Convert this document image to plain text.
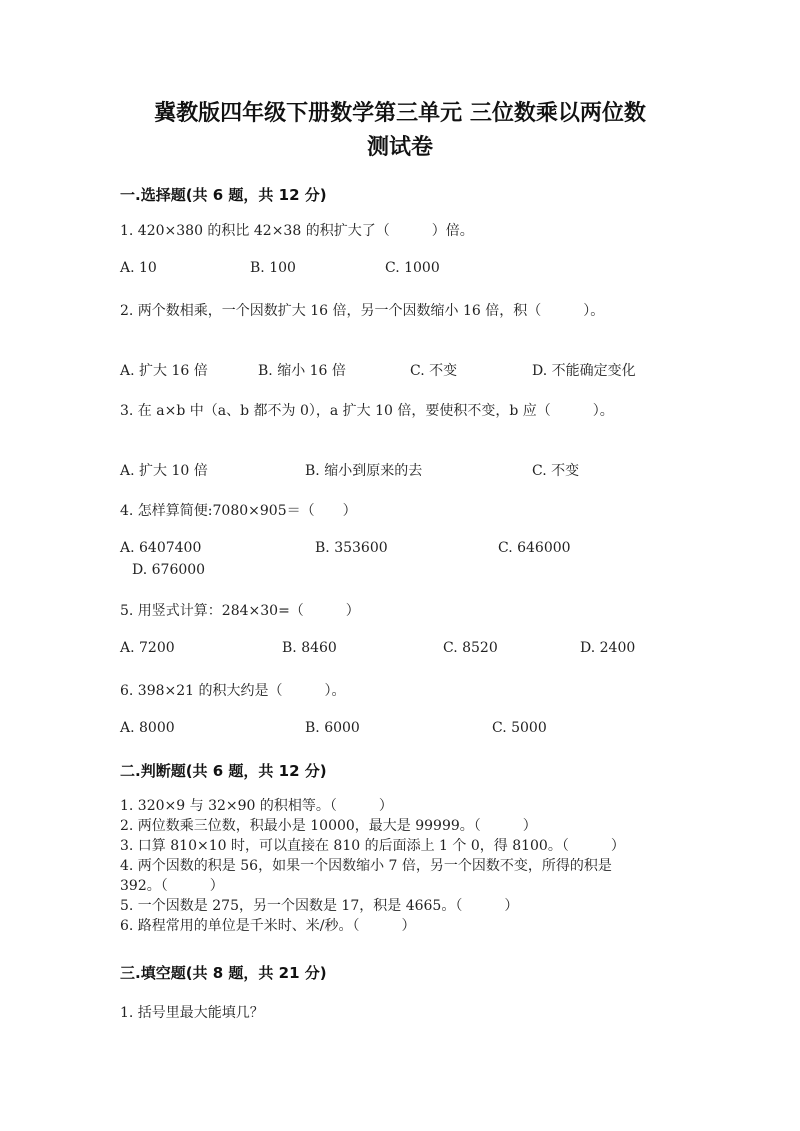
冀教版四年级下册数学第三单元 三位数乘以两位数
测试卷
一.选择题(共 6 题，共 12 分)
1. 420×380 的积比 42×38 的积扩大了（　　　）倍。
A. 10	B. 100	C. 1000
2. 两个数相乘，一个因数扩大 16 倍，另一个因数缩小 16 倍，积（　　　）。
A. 扩大 16 倍	B. 缩小 16 倍	C. 不变	D. 不能确定变化
3. 在 a×b 中（a、b 都不为 0），a 扩大 10 倍，要使积不变，b 应（　　　）。
A. 扩大 10 倍	B. 缩小到原来的去	C. 不变
4. 怎样算简便:7080×905＝（　　）
A. 6407400	B. 353600	C. 646000
D. 676000
5. 用竖式计算：284×30=（　　　）
A. 7200	B. 8460	C. 8520	D. 2400
6. 398×21 的积大约是（　　　）。
A. 8000	B. 6000	C. 5000
二.判断题(共 6 题，共 12 分)
1. 320×9 与 32×90 的积相等。（　　　）
2. 两位数乘三位数，积最小是 10000，最大是 99999。（　　　）
3. 口算 810×10 时，可以直接在 810 的后面添上 1 个 0，得 8100。（　　　）
4. 两个因数的积是 56，如果一个因数缩小 7 倍，另一个因数不变，所得的积是
392。（　　　）
5. 一个因数是 275，另一个因数是 17，积是 4665。（　　　）
6. 路程常用的单位是千米时、米/秒。（　　　）
三.填空题(共 8 题，共 21 分)
1. 括号里最大能填几？
